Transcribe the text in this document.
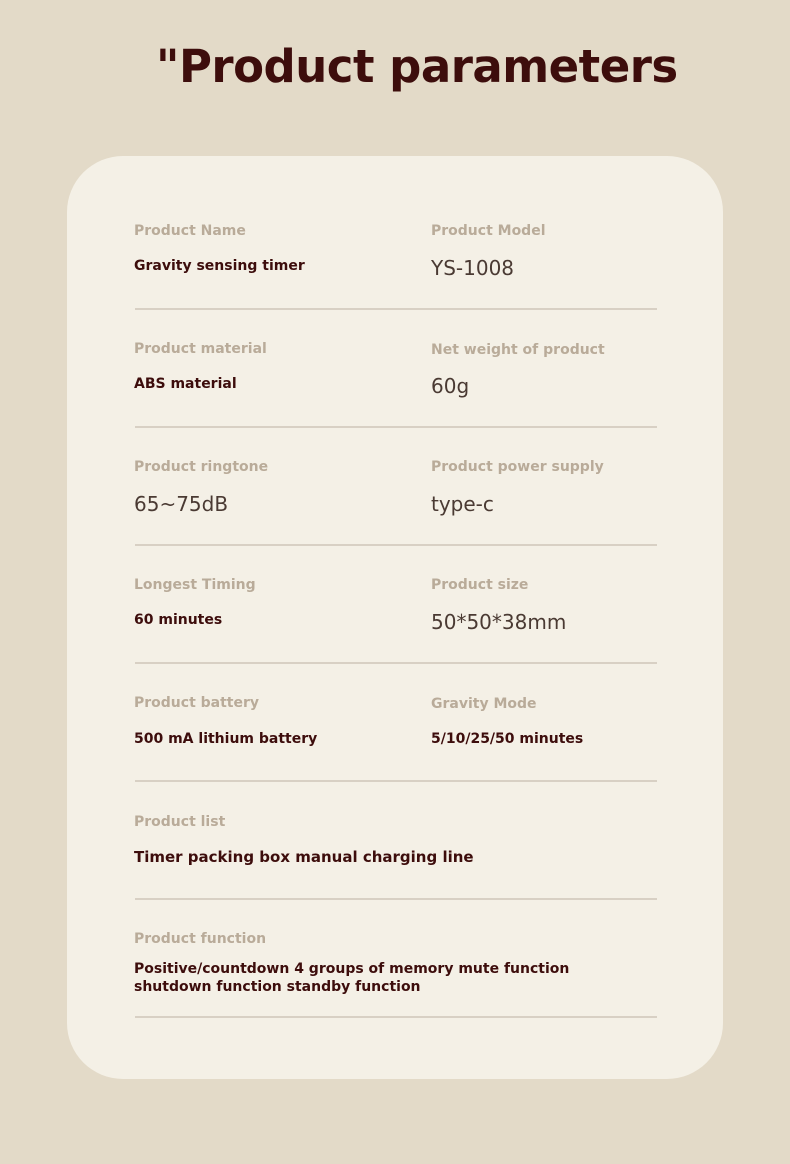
"Product parameters
Product Name
Gravity sensing timer
Product Model
YS-1008
Product material
ABS material
Net weight of product
60g
Product ringtone
65~75dB
Product power supply
type-c
Longest Timing
60 minutes
Product size
50*50*38mm
Product battery
500 mA lithium battery
Gravity Mode
5/10/25/50 minutes
Product list
Timer packing box manual charging line
Product function
Positive/countdown 4 groups of memory mute function shutdown function standby function
